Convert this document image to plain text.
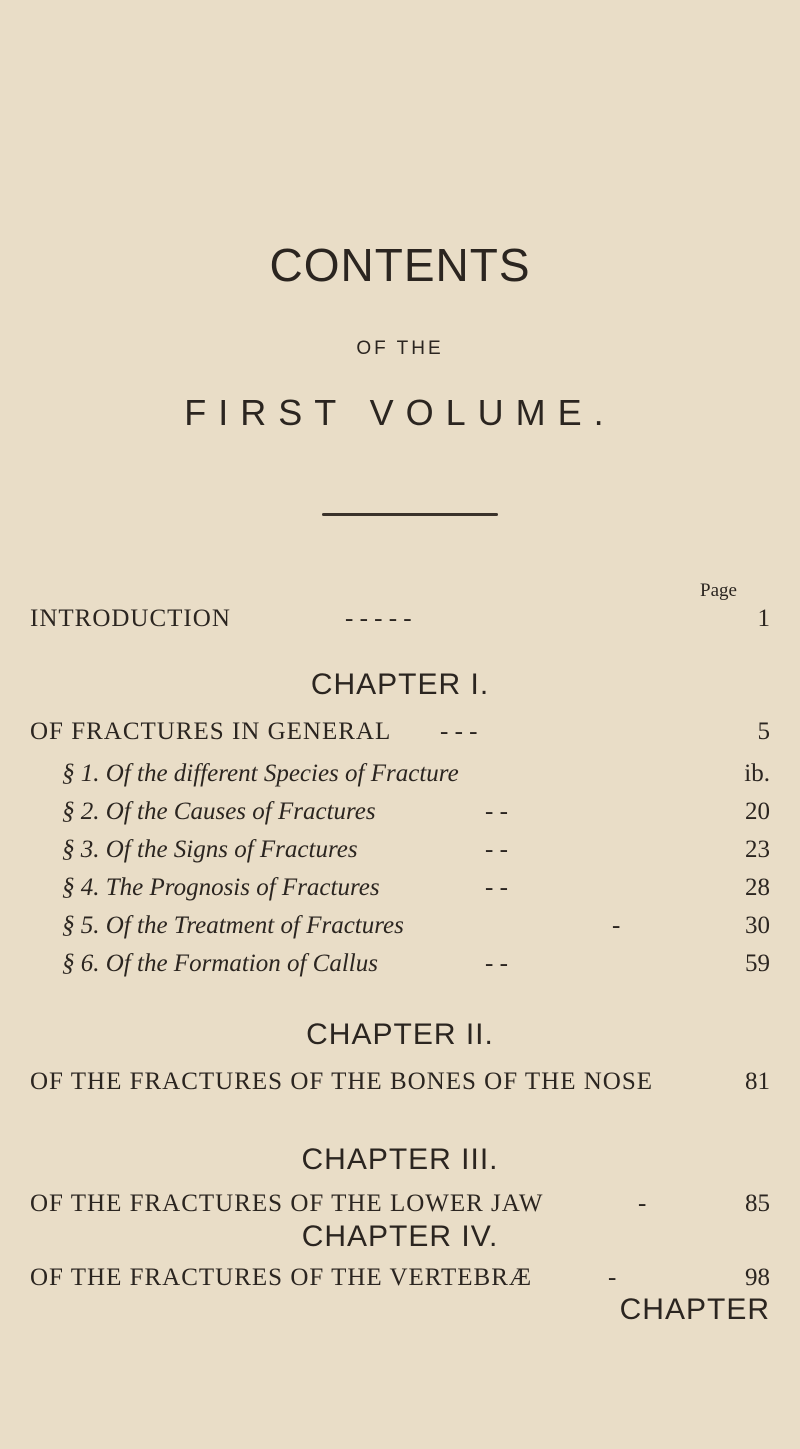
CONTENTS
OF THE
FIRST VOLUME.
Page
INTRODUCTION	- - - - -	1
CHAPTER I.
OF FRACTURES IN GENERAL - - -	5
§ 1. Of the different Species of Fracture	ib.
§ 2. Of the Causes of Fractures	- -	20
§ 3. Of the Signs of Fractures	- -	23
§ 4. The Prognosis of Fractures	- -	28
§ 5. Of the Treatment of Fractures	-	30
§ 6. Of the Formation of Callus	- -	59
CHAPTER II.
OF THE FRACTURES OF THE BONES OF THE NOSE	81
CHAPTER III.
OF THE FRACTURES OF THE LOWER JAW	-	85
CHAPTER IV.
OF THE FRACTURES OF THE VERTEBRÆ	-	98
CHAPTER
